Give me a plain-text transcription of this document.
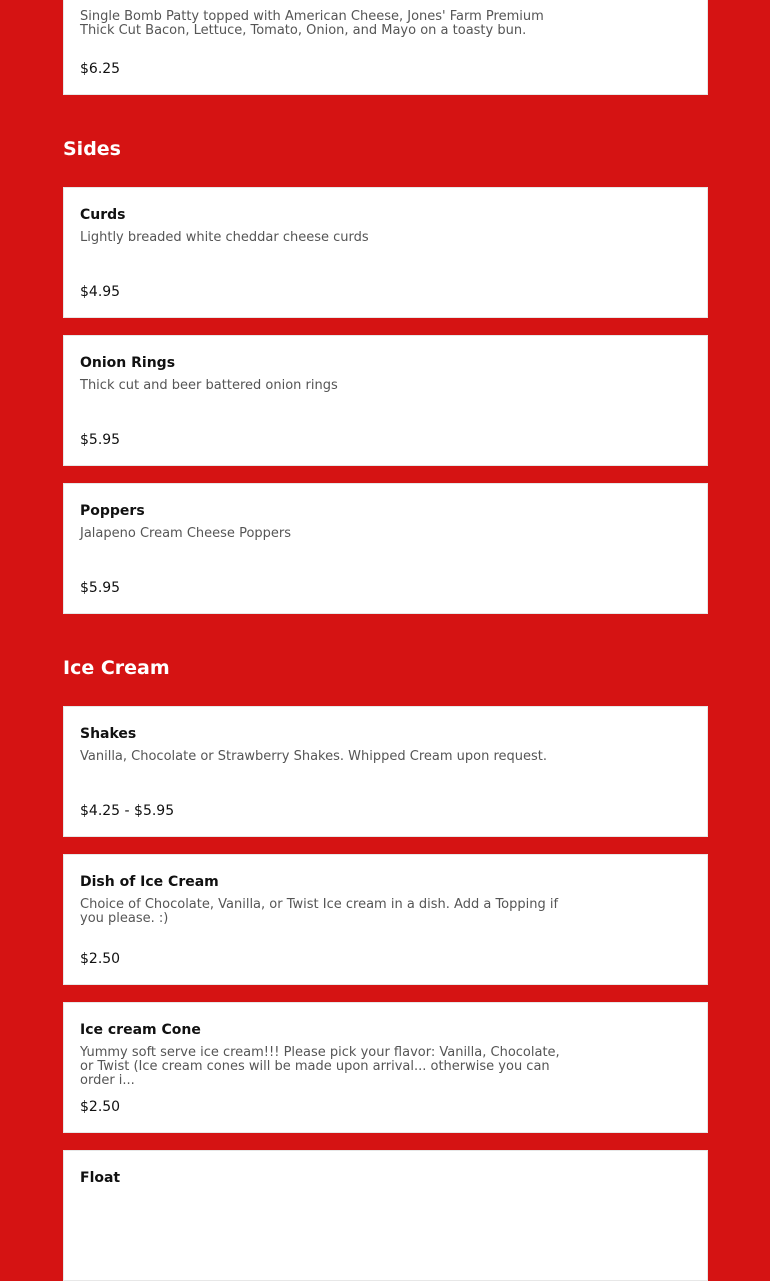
Single Bomb Patty topped with American Cheese, Jones' Farm Premium Thick Cut Bacon, Lettuce, Tomato, Onion, and Mayo on a toasty bun.
$6.25
Sides
Curds
Lightly breaded white cheddar cheese curds
$4.95
Onion Rings
Thick cut and beer battered onion rings
$5.95
Poppers
Jalapeno Cream Cheese Poppers
$5.95
Ice Cream
Shakes
Vanilla, Chocolate or Strawberry Shakes. Whipped Cream upon request.
$4.25 - $5.95
Dish of Ice Cream
Choice of Chocolate, Vanilla, or Twist Ice cream in a dish. Add a Topping if you please. :)
$2.50
Ice cream Cone
Yummy soft serve ice cream!!! Please pick your flavor: Vanilla, Chocolate, or Twist (Ice cream cones will be made upon arrival... otherwise you can order i...
$2.50
Float
